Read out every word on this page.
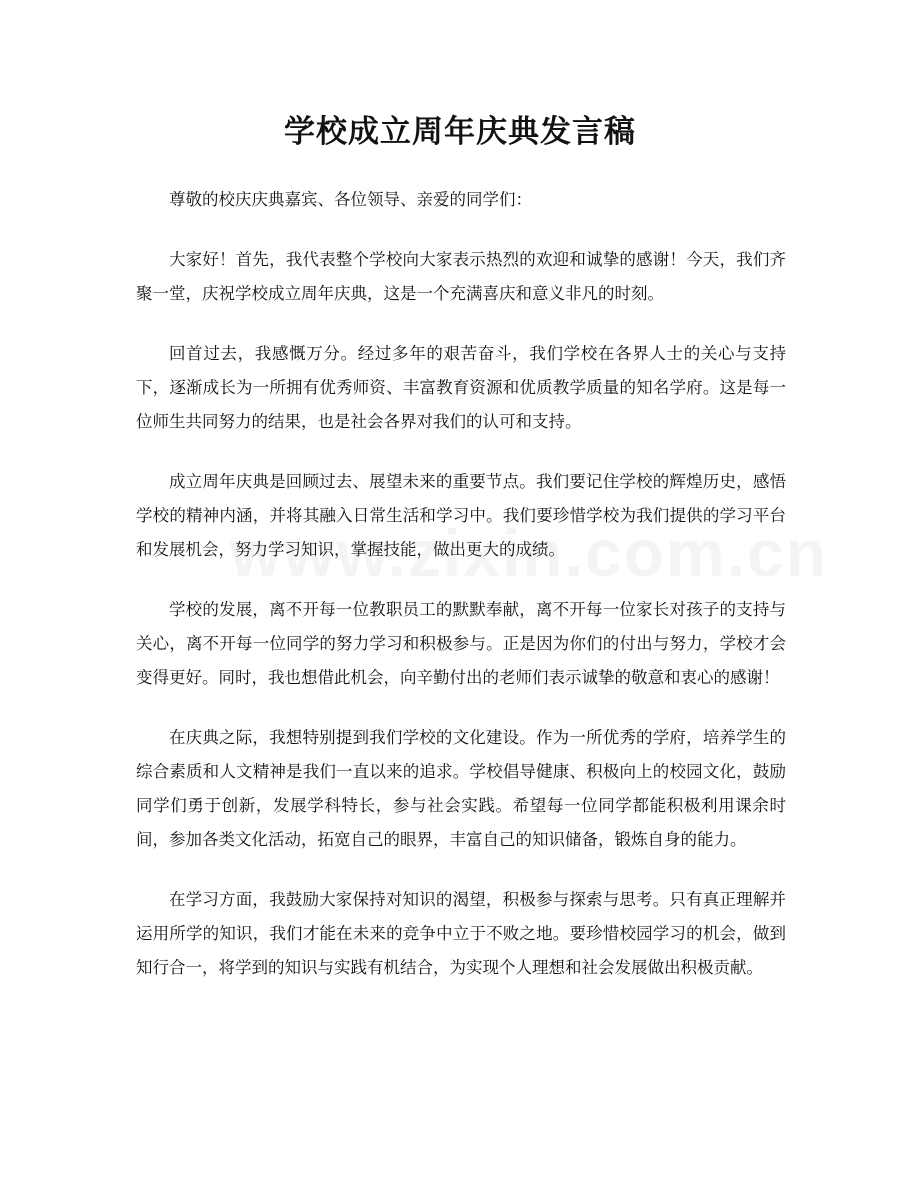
学校成立周年庆典发言稿

尊敬的校庆庆典嘉宾、各位领导、亲爱的同学们：

大家好！首先，我代表整个学校向大家表示热烈的欢迎和诚挚的感谢！今天，我们齐聚一堂，庆祝学校成立周年庆典，这是一个充满喜庆和意义非凡的时刻。

回首过去，我感慨万分。经过多年的艰苦奋斗，我们学校在各界人士的关心与支持下，逐渐成长为一所拥有优秀师资、丰富教育资源和优质教学质量的知名学府。这是每一位师生共同努力的结果，也是社会各界对我们的认可和支持。

成立周年庆典是回顾过去、展望未来的重要节点。我们要记住学校的辉煌历史，感悟学校的精神内涵，并将其融入日常生活和学习中。我们要珍惜学校为我们提供的学习平台和发展机会，努力学习知识，掌握技能，做出更大的成绩。

学校的发展，离不开每一位教职员工的默默奉献，离不开每一位家长对孩子的支持与关心，离不开每一位同学的努力学习和积极参与。正是因为你们的付出与努力，学校才会变得更好。同时，我也想借此机会，向辛勤付出的老师们表示诚挚的敬意和衷心的感谢！

在庆典之际，我想特别提到我们学校的文化建设。作为一所优秀的学府，培养学生的综合素质和人文精神是我们一直以来的追求。学校倡导健康、积极向上的校园文化，鼓励同学们勇于创新，发展学科特长，参与社会实践。希望每一位同学都能积极利用课余时间，参加各类文化活动，拓宽自己的眼界，丰富自己的知识储备，锻炼自身的能力。

在学习方面，我鼓励大家保持对知识的渴望，积极参与探索与思考。只有真正理解并运用所学的知识，我们才能在未来的竞争中立于不败之地。要珍惜校园学习的机会，做到知行合一，将学到的知识与实践有机结合，为实现个人理想和社会发展做出积极贡献。
